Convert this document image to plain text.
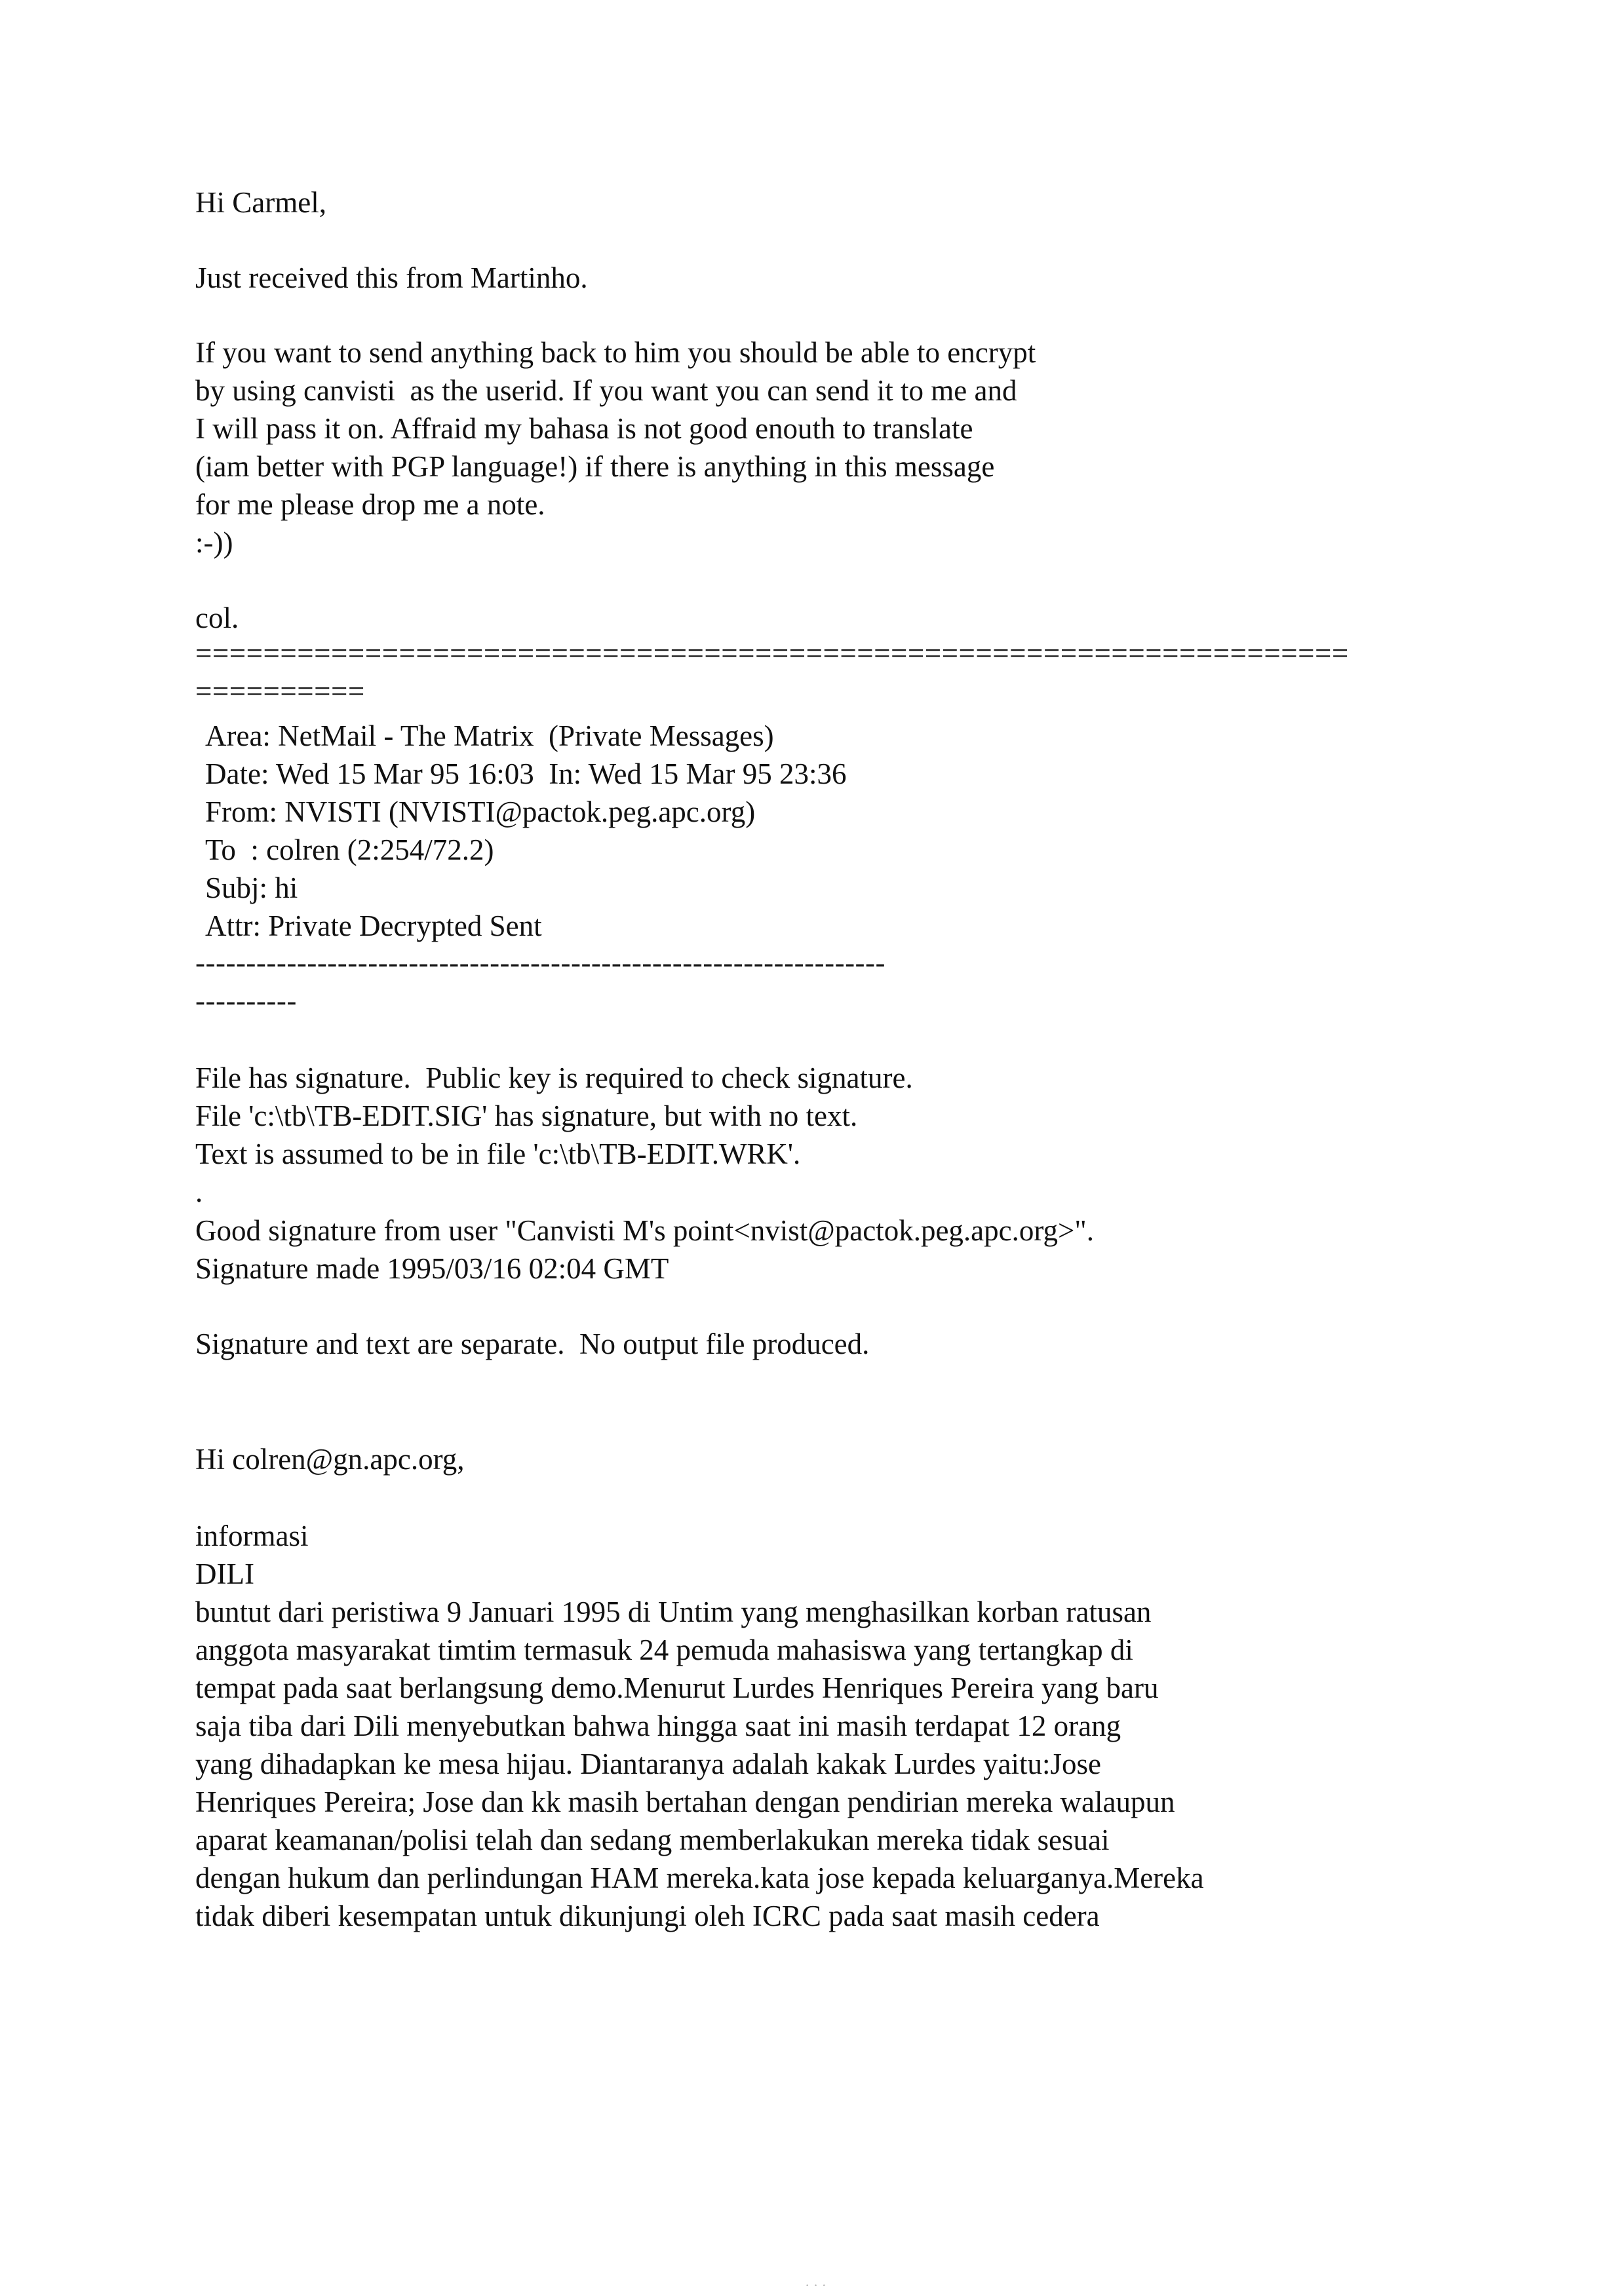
Hi Carmel,
Just received this from Martinho.
If you want to send anything back to him you should be able to encrypt
by using canvisti  as the userid. If you want you can send it to me and
I will pass it on. Affraid my bahasa is not good enouth to translate
(iam better with PGP language!) if there is anything in this message
for me please drop me a note.
:-))
col.
====================================================================
==========
Area: NetMail - The Matrix  (Private Messages)
Date: Wed 15 Mar 95 16:03  In: Wed 15 Mar 95 23:36
From: NVISTI (NVISTI@pactok.peg.apc.org)
To  : colren (2:254/72.2)
Subj: hi
Attr: Private Decrypted Sent
--------------------------------------------------------------------
----------
File has signature.  Public key is required to check signature.
File 'c:\tb\TB-EDIT.SIG' has signature, but with no text.
Text is assumed to be in file 'c:\tb\TB-EDIT.WRK'.
.
Good signature from user "Canvisti M's point<nvist@pactok.peg.apc.org>".
Signature made 1995/03/16 02:04 GMT
Signature and text are separate.  No output file produced.
Hi colren@gn.apc.org,
informasi
DILI
buntut dari peristiwa 9 Januari 1995 di Untim yang menghasilkan korban ratusan
anggota masyarakat timtim termasuk 24 pemuda mahasiswa yang tertangkap di
tempat pada saat berlangsung demo.Menurut Lurdes Henriques Pereira yang baru
saja tiba dari Dili menyebutkan bahwa hingga saat ini masih terdapat 12 orang
yang dihadapkan ke mesa hijau. Diantaranya adalah kakak Lurdes yaitu:Jose
Henriques Pereira; Jose dan kk masih bertahan dengan pendirian mereka walaupun
aparat keamanan/polisi telah dan sedang memberlakukan mereka tidak sesuai
dengan hukum dan perlindungan HAM mereka.kata jose kepada keluarganya.Mereka
tidak diberi kesempatan untuk dikunjungi oleh ICRC pada saat masih cedera
· · ·
